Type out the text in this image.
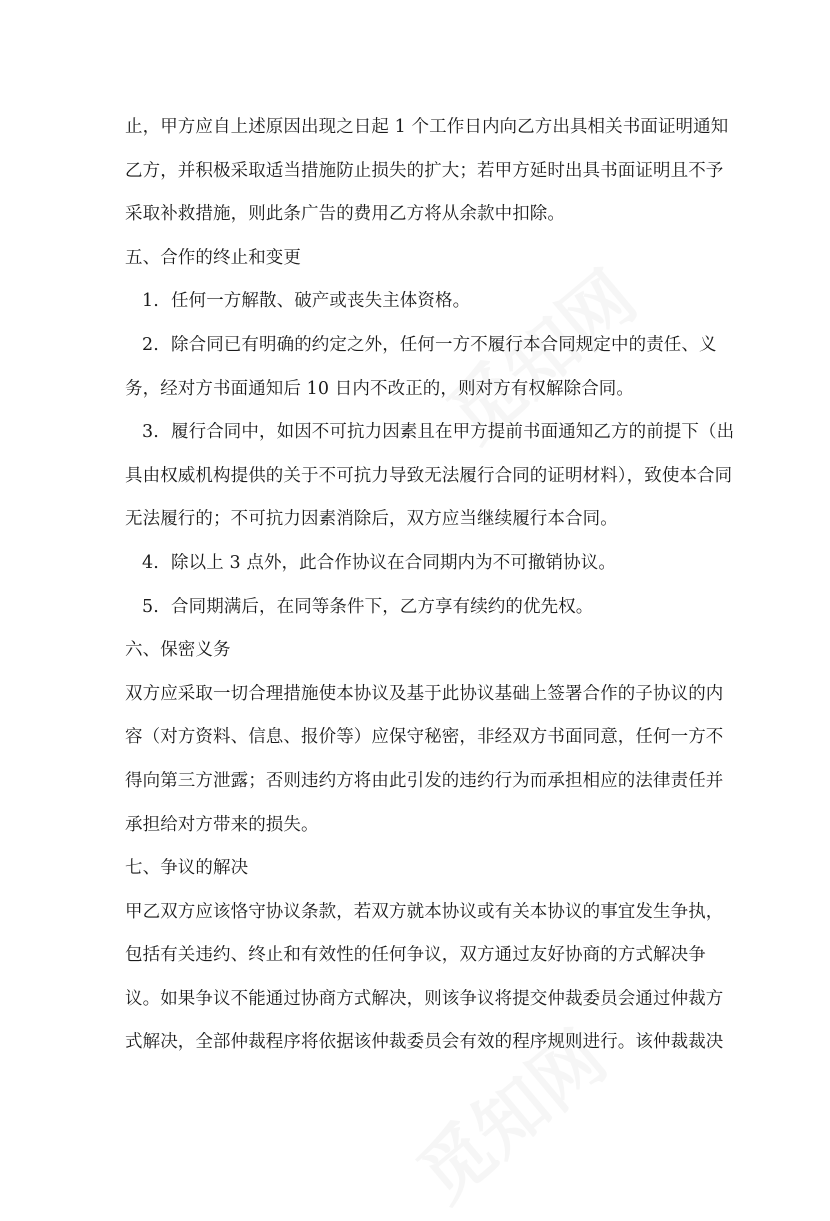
止，甲方应自上述原因出现之日起 1 个工作日内向乙方出具相关书面证明通知
乙方，并积极采取适当措施防止损失的扩大；若甲方延时出具书面证明且不予
采取补救措施，则此条广告的费用乙方将从余款中扣除。
五、合作的终止和变更
1. 任何一方解散、破产或丧失主体资格。
2. 除合同已有明确的约定之外，任何一方不履行本合同规定中的责任、义
务，经对方书面通知后 10 日内不改正的，则对方有权解除合同。
3. 履行合同中，如因不可抗力因素且在甲方提前书面通知乙方的前提下（出
具由权威机构提供的关于不可抗力导致无法履行合同的证明材料），致使本合同
无法履行的；不可抗力因素消除后，双方应当继续履行本合同。
4. 除以上 3 点外，此合作协议在合同期内为不可撤销协议。
5. 合同期满后，在同等条件下，乙方享有续约的优先权。
六、保密义务
双方应采取一切合理措施使本协议及基于此协议基础上签署合作的子协议的内
容（对方资料、信息、报价等）应保守秘密，非经双方书面同意，任何一方不
得向第三方泄露；否则违约方将由此引发的违约行为而承担相应的法律责任并
承担给对方带来的损失。
七、争议的解决
甲乙双方应该恪守协议条款，若双方就本协议或有关本协议的事宜发生争执，
包括有关违约、终止和有效性的任何争议，双方通过友好协商的方式解决争
议。如果争议不能通过协商方式解决，则该争议将提交仲裁委员会通过仲裁方
式解决，全部仲裁程序将依据该仲裁委员会有效的程序规则进行。该仲裁裁决
